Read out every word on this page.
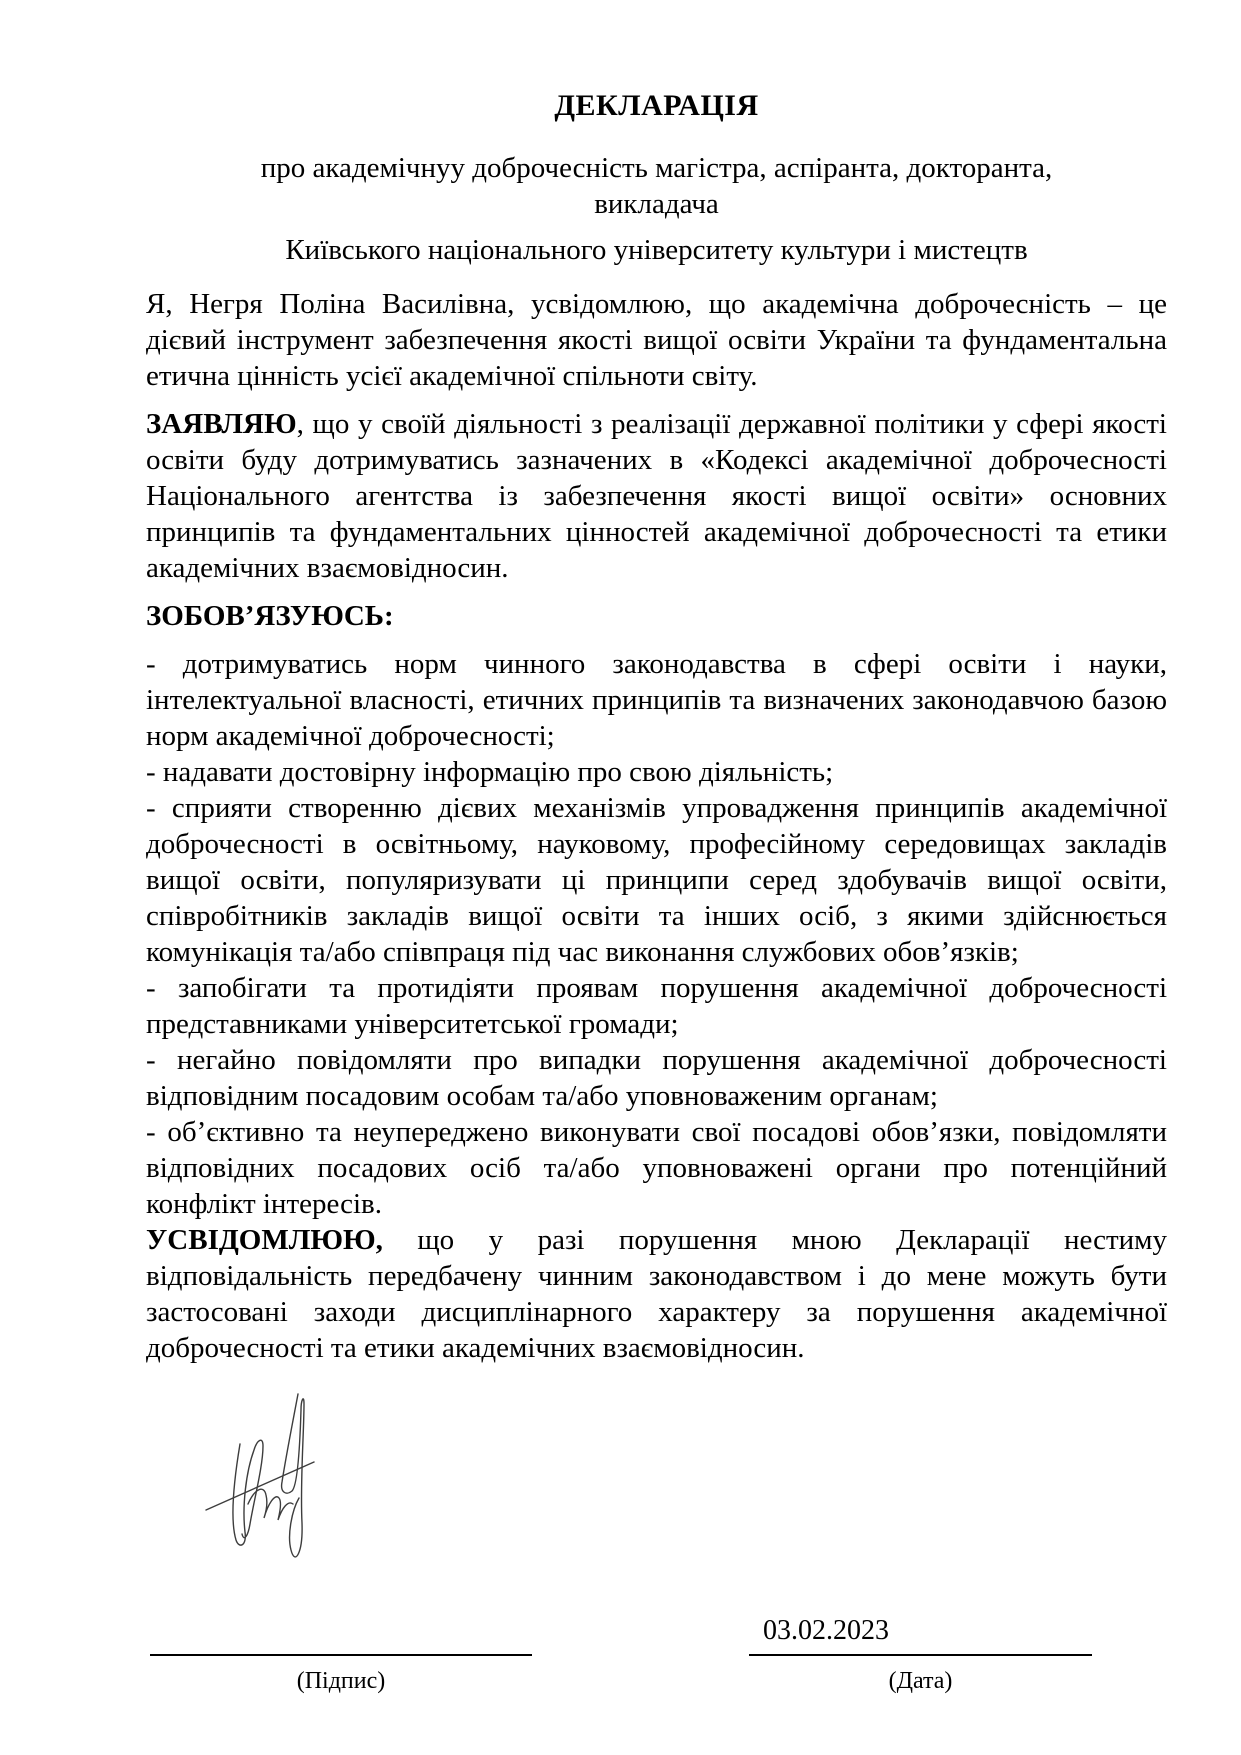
ДЕКЛАРАЦІЯ

про академічнуу доброчесність магістра, аспіранта, докторанта,
викладача

Київського національного університету культури і мистецтв

Я, Негря Поліна Василівна, усвідомлюю, що академічна доброчесність – це дієвий інструмент забезпечення якості вищої освіти України та фундаментальна етична цінність усієї академічної спільноти світу.

ЗАЯВЛЯЮ, що у своїй діяльності з реалізації державної політики у сфері якості освіти буду дотримуватись зазначених в «Кодексі академічної доброчесності Національного агентства із забезпечення якості вищої освіти» основних принципів та фундаментальних цінностей академічної доброчесності та етики академічних взаємовідносин.

ЗОБОВ’ЯЗУЮСЬ:

- дотримуватись норм чинного законодавства в сфері освіти і науки, інтелектуальної власності, етичних принципів та визначених законодавчою базою норм академічної доброчесності;

- надавати достовірну інформацію про свою діяльність;

- сприяти створенню дієвих механізмів упровадження принципів академічної доброчесності в освітньому, науковому, професійному середовищах закладів вищої освіти, популяризувати ці принципи серед здобувачів вищої освіти, співробітників закладів вищої освіти та інших осіб, з якими здійснюється комунікація та/або співпраця під час виконання службових обов’язків;

- запобігати та протидіяти проявам порушення академічної доброчесності представниками університетської громади;

- негайно повідомляти про випадки порушення академічної доброчесності відповідним посадовим особам та/або уповноваженим органам;

- об’єктивно та неупереджено виконувати свої посадові обов’язки, повідомляти відповідних посадових осіб та/або уповноважені органи про потенційний конфлікт інтересів.

УСВІДОМЛЮЮ, що у разі порушення мною Декларації нестиму відповідальність передбачену чинним законодавством і до мене можуть бути застосовані заходи дисциплінарного характеру за порушення академічної доброчесності та етики академічних взаємовідносин.

(Підпис)
03.02.2023
(Дата)
